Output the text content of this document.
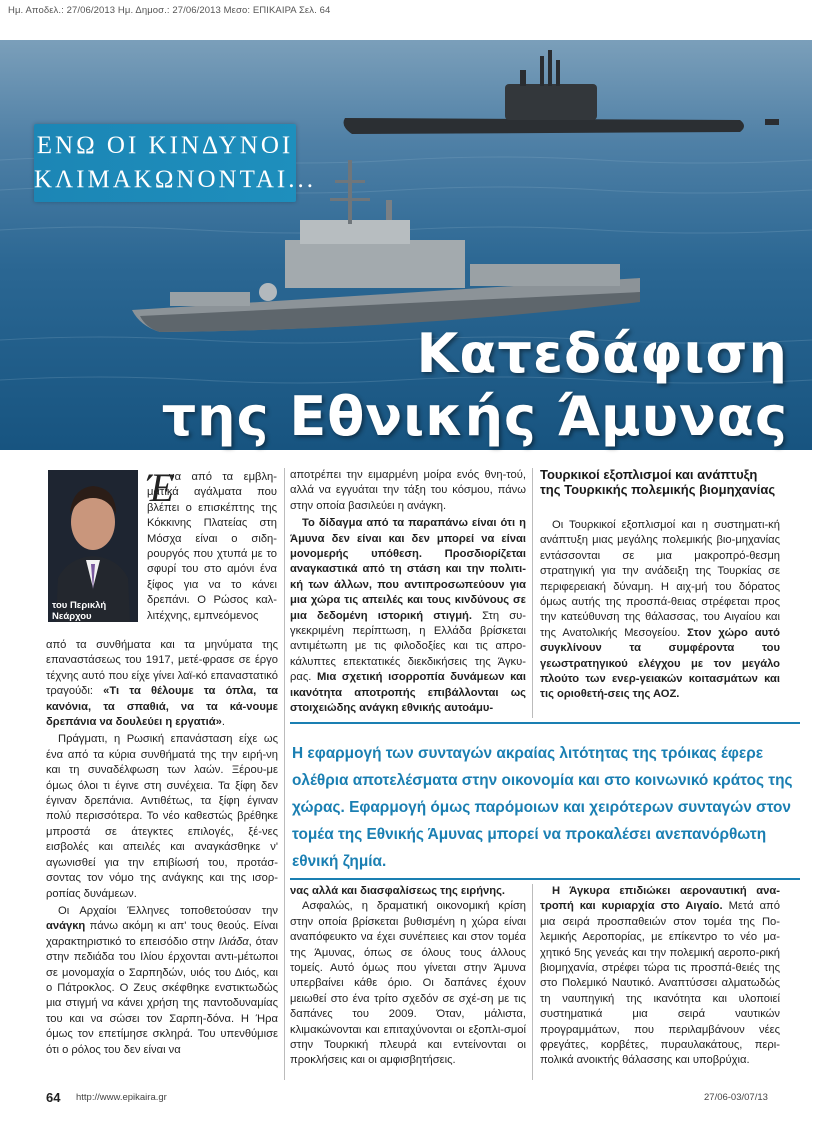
Ημ. Αποδελ.: 27/06/2013 Ημ. Δημοσ.: 27/06/2013 Μεσο: ΕΠΙΚΑΙΡΑ Σελ. 64
ΕΝΩ ΟΙ ΚΙΝΔΥΝΟΙ
ΚΛΙΜΑΚΩΝΟΝΤΑΙ...
Κατεδάφιση
της Εθνικής Άμυνας
του Περικλή
Νεάρχου
Πρέσβυς ε.τ.
Έ

να από τα εμβλη-ματικά αγάλματα που βλέπει ο επισκέπτης της Κόκκινης Πλατείας στη Μόσχα είναι ο σιδη-ρουργός που χτυπά με το σφυρί του στο αμόνι ένα ξίφος για να το κάνει δρεπάνι. Ο Ρώσος καλ-λιτέχνης, εμπνεόμενος

από τα συνθήματα και τα μηνύματα της επαναστάσεως του 1917, μετέ-φρασε σε έργο τέχνης αυτό που είχε γίνει λαϊ-κό επαναστατικό τραγούδι: «Τι τα θέλουμε τα όπλα, τα κανόνια, τα σπαθιά, να τα κά-νουμε δρεπάνια να δουλεύει η εργατιά».

Πράγματι, η Ρωσική επανάσταση είχε ως ένα από τα κύρια συνθήματά της την ειρή-νη και τη συναδέλφωση των λαών. Ξέρου-με όμως όλοι τι έγινε στη συνέχεια. Τα ξίφη δεν έγιναν δρεπάνια. Αντιθέτως, τα ξίφη έγιναν πολύ περισσότερα. Το νέο καθεστώς βρέθηκε μπροστά σε άτεγκτες επιλογές, ξέ-νες εισβολές και απειλές και αναγκάσθηκε ν' αγωνισθεί για την επιβίωσή του, προτάσ-σοντας τον νόμο της ανάγκης και της ισορ-ροπίας δυνάμεων.

Οι Αρχαίοι Έλληνες τοποθετούσαν την ανάγκη πάνω ακόμη κι απ' τους θεούς. Είναι χαρακτηριστικό το επεισόδιο στην Ιλιάδα, όταν στην πεδιάδα του Ιλίου έρχονται αντι-μέτωποι σε μονομαχία ο Σαρπηδών, υιός του Διός, και ο Πάτροκλος. Ο Ζευς σκέφθηκε ενστικτωδώς μια στιγμή να κάνει χρήση της παντοδυναμίας του και να σώσει τον Σαρπη-δόνα. Η Ήρα όμως τον επετίμησε σκληρά. Του υπενθύμισε ότι ο ρόλος του δεν είναι να

αποτρέπει την ειμαρμένη μοίρα ενός θνη-τού, αλλά να εγγυάται την τάξη του κόσμου, πάνω στην οποία βασιλεύει η ανάγκη.

Το δίδαγμα από τα παραπάνω είναι ότι η Άμυνα δεν είναι και δεν μπορεί να είναι μονομερής υπόθεση. Προσδιορίζεται αναγκαστικά από τη στάση και την πολιτι-κή των άλλων, που αντιπροσωπεύουν για μια χώρα τις απειλές και τους κινδύνους σε μια δεδομένη ιστορική στιγμή. Στη συ-γκεκριμένη περίπτωση, η Ελλάδα βρίσκεται αντιμέτωπη με τις φιλοδοξίες και τις απρο-κάλυπτες επεκτατικές διεκδικήσεις της Άγκυ-ρας. Μια σχετική ισορροπία δυνάμεων και ικανότητα αποτροπής επιβάλλονται ως στοιχειώδης ανάγκη εθνικής αυτοάμυ-

Τουρκικοί εξοπλισμοί και ανάπτυξη της Τουρκικής πολεμικής βιομηχανίας

Οι Τουρκικοί εξοπλισμοί και η συστηματι-κή ανάπτυξη μιας μεγάλης πολεμικής βιο-μηχανίας εντάσσονται σε μια μακροπρό-θεσμη στρατηγική για την ανάδειξη της Τουρκίας σε περιφερειακή δύναμη. Η αιχ-μή του δόρατος όμως αυτής της προσπά-θειας στρέφεται προς την κατεύθυνση της θάλασσας, του Αιγαίου και της Ανατολικής Μεσογείου. Στον χώρο αυτό συγκλίνουν τα συμφέροντα του γεωστρατηγικού ελέγχου με τον μεγάλο πλούτο των ενερ-γειακών κοιτασμάτων και τις οριοθετή-σεις της ΑΟΖ.

Η εφαρμογή των συνταγών ακραίας λιτότητας της τρόικας έφερε ολέθρια αποτελέσματα στην οικονομία και στο κοινωνικό κράτος της χώρας. Εφαρμογή όμως παρόμοιων και χειρότερων συνταγών στον τομέα της Εθνικής Άμυνας μπορεί να προκαλέσει ανεπανόρθωτη εθνική ζημία.

νας αλλά και διασφαλίσεως της ειρήνης.

Ασφαλώς, η δραματική οικονομική κρίση στην οποία βρίσκεται βυθισμένη η χώρα είναι αναπόφευκτο να έχει συνέπειες και στον τομέα της Άμυνας, όπως σε όλους τους άλλους τομείς. Αυτό όμως που γίνεται στην Άμυνα υπερβαίνει κάθε όριο. Οι δαπάνες έχουν μειωθεί στο ένα τρίτο σχεδόν σε σχέ-ση με τις δαπάνες του 2009. Όταν, μάλιστα, κλιμακώνονται και επιταχύνονται οι εξοπλι-σμοί στην Τουρκική πλευρά και εντείνονται οι προκλήσεις και οι αμφισβητήσεις.

Η Άγκυρα επιδιώκει αεροναυτική ανα-τροπή και κυριαρχία στο Αιγαίο. Μετά από μια σειρά προσπαθειών στον τομέα της Πο-λεμικής Αεροπορίας, με επίκεντρο το νέο μα-χητικό 5ης γενεάς και την πολεμική αεροπο-ρική βιομηχανία, στρέφει τώρα τις προσπά-θειές της στο Πολεμικό Ναυτικό. Αναπτύσσει αλματωδώς τη ναυπηγική της ικανότητα και υλοποιεί συστηματικά μια σειρά ναυτικών προγραμμάτων, που περιλαμβάνουν νέες φρεγάτες, κορβέτες, πυραυλακάτους, περι-πολικά ανοικτής θάλασσης και υποβρύχια.

64 http://www.epikaira.gr	27/06-03/07/13
